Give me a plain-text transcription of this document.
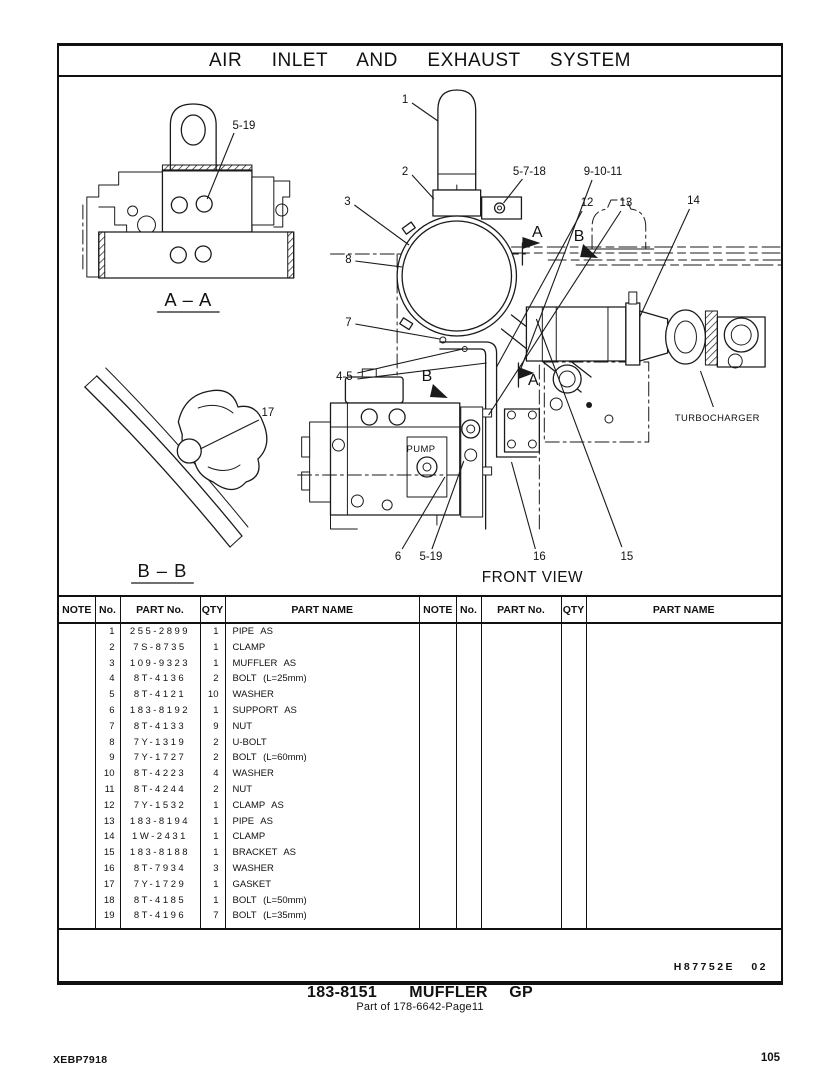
AIR  INLET  AND  EXHAUST  SYSTEM
5-19
A – A
17
B – B
PUMP
A B
B	A
1
2
3
8
7
4-5
5-7-18	9-10-11
12 13	14
6 5-19	16	15
TURBOCHARGER
FRONT VIEW
NOTE	No.	PART No.	QTY	PART NAME
	1	255-2899	1	PIPE AS
	2	7S-8735	1	CLAMP
	3	109-9323	1	MUFFLER AS
	4	8T-4136	2	BOLT (L=25mm)
	5	8T-4121	10	WASHER
	6	183-8192	1	SUPPORT AS
	7	8T-4133	9	NUT
	8	7Y-1319	2	U-BOLT
	9	7Y-1727	2	BOLT (L=60mm)
	10	8T-4223	4	WASHER
	11	8T-4244	2	NUT
	12	7Y-1532	1	CLAMP AS
	13	183-8194	1	PIPE AS
	14	1W-2431	1	CLAMP
	15	183-8188	1	BRACKET AS
	16	8T-7934	3	WASHER
	17	7Y-1729	1	GASKET
	18	8T-4185	1	BOLT (L=50mm)
	19	8T-4196	7	BOLT (L=35mm)

NOTE	No.	PART No.	QTY	PART NAME

H87752E   02
183-8151   MUFFLER  GP
Part of 178-6642-Page11
XEBP7918	105
